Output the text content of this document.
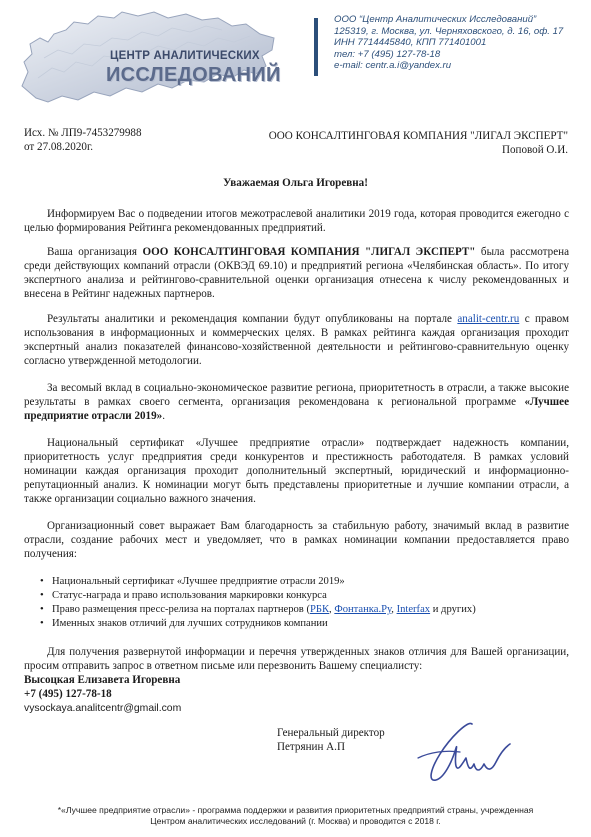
ЦЕНТР АНАЛИТИЧЕСКИХ
ИССЛЕДОВАНИЙ
ООО “Центр Аналитических Исследований”
125319, г. Москва, ул. Черняховского, д. 16, оф. 17
ИНН 7714445840, КПП 771401001
тел: +7 (495) 127-78-18
e-mail: centr.a.i@yandex.ru
Исх. № ЛП9-7453279988
от 27.08.2020г.
ООО КОНСАЛТИНГОВАЯ КОМПАНИЯ "ЛИГАЛ ЭКСПЕРТ"
Поповой О.И.
Уважаемая Ольга Игоревна!
Информируем Вас о подведении итогов межотраслевой аналитики 2019 года, которая проводится ежегодно с целью формирования Рейтинга рекомендованных предприятий.
Ваша организация ООО КОНСАЛТИНГОВАЯ КОМПАНИЯ "ЛИГАЛ ЭКСПЕРТ" была рассмотрена среди действующих компаний отрасли (ОКВЭД 69.10) и предприятий региона «Челябинская область». По итогу экспертного анализа и рейтингово-сравнительной оценки организация отнесена к числу рекомендованных и внесена в Рейтинг надежных партнеров.
Результаты аналитики и рекомендация компании будут опубликованы на портале analit-centr.ru с правом использования в информационных и коммерческих целях. В рамках рейтинга каждая организация проходит экспертный анализ показателей финансово-хозяйственной деятельности и рейтингово-сравнительную оценку согласно утвержденной методологии.
За весомый вклад в социально-экономическое развитие региона, приоритетность в отрасли, а также высокие результаты в рамках своего сегмента, организация рекомендована к региональной программе «Лучшее предприятие отрасли 2019».
Национальный сертификат «Лучшее предприятие отрасли» подтверждает надежность компании, приоритетность услуг предприятия среди конкурентов и престижность работодателя. В рамках условий номинации каждая организация проходит дополнительный экспертный, юридический и информационно-репутационный анализ. К номинации могут быть представлены приоритетные и лучшие компании отрасли, а также организации социально важного значения.
Организационный совет выражает Вам благодарность за стабильную работу, значимый вклад в развитие отрасли, создание рабочих мест и уведомляет, что в рамках номинации компании предоставляется право получения:
• Национальный сертификат «Лучшее предприятие отрасли 2019»
• Статус-награда и право использования маркировки конкурса
• Право размещения пресс-релиза на порталах партнеров (РБК, Фонтанка.Ру, Interfax и других)
• Именных знаков отличий для лучших сотрудников компании
Для получения развернутой информации и перечня утвержденных знаков отличия для Вашей организации, просим отправить запрос в ответном письме или перезвонить Вашему специалисту:
Высоцкая Елизавета Игоревна
+7 (495) 127-78-18
vysockaya.analitcentr@gmail.com
Генеральный директор
Петрянин А.П
*«Лучшее предприятие отрасли» - программа поддержки и развития приоритетных предприятий страны, учрежденная
Центром аналитических исследований (г. Москва) и проводится с 2018 г.
